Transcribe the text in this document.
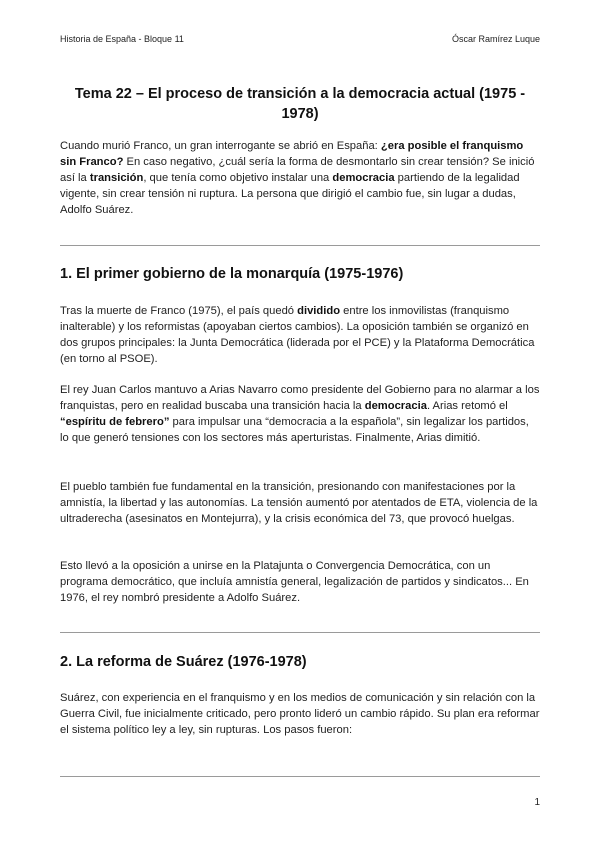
Historia de España - Bloque 11	Óscar Ramírez Luque
Tema 22 – El proceso de transición a la democracia actual (1975 - 1978)

Cuando murió Franco, un gran interrogante se abrió en España: ¿era posible el franquismo sin Franco? En caso negativo, ¿cuál sería la forma de desmontarlo sin crear tensión? Se inició así la transición, que tenía como objetivo instalar una democracia partiendo de la legalidad vigente, sin crear tensión ni ruptura. La persona que dirigió el cambio fue, sin lugar a dudas, Adolfo Suárez.

1. El primer gobierno de la monarquía (1975-1976)

Tras la muerte de Franco (1975), el país quedó dividido entre los inmovilistas (franquismo inalterable) y los reformistas (apoyaban ciertos cambios). La oposición también se organizó en dos grupos principales: la Junta Democrática (liderada por el PCE) y la Plataforma Democrática (en torno al PSOE).

El rey Juan Carlos mantuvo a Arias Navarro como presidente del Gobierno para no alarmar a los franquistas, pero en realidad buscaba una transición hacia la democracia. Arias retomó el “espíritu de febrero” para impulsar una “democracia a la española”, sin legalizar los partidos, lo que generó tensiones con los sectores más aperturistas. Finalmente, Arias dimitió.

El pueblo también fue fundamental en la transición, presionando con manifestaciones por la amnistía, la libertad y las autonomías. La tensión aumentó por atentados de ETA, violencia de la ultraderecha (asesinatos en Montejurra), y la crisis económica del 73, que provocó huelgas.

Esto llevó a la oposición a unirse en la Platajunta o Convergencia Democrática, con un programa democrático, que incluía amnistía general, legalización de partidos y sindicatos... En 1976, el rey nombró presidente a Adolfo Suárez.

2. La reforma de Suárez (1976-1978)

Suárez, con experiencia en el franquismo y en los medios de comunicación y sin relación con la Guerra Civil, fue inicialmente criticado, pero pronto lideró un cambio rápido. Su plan era reformar el sistema político ley a ley, sin rupturas. Los pasos fueron:

1
